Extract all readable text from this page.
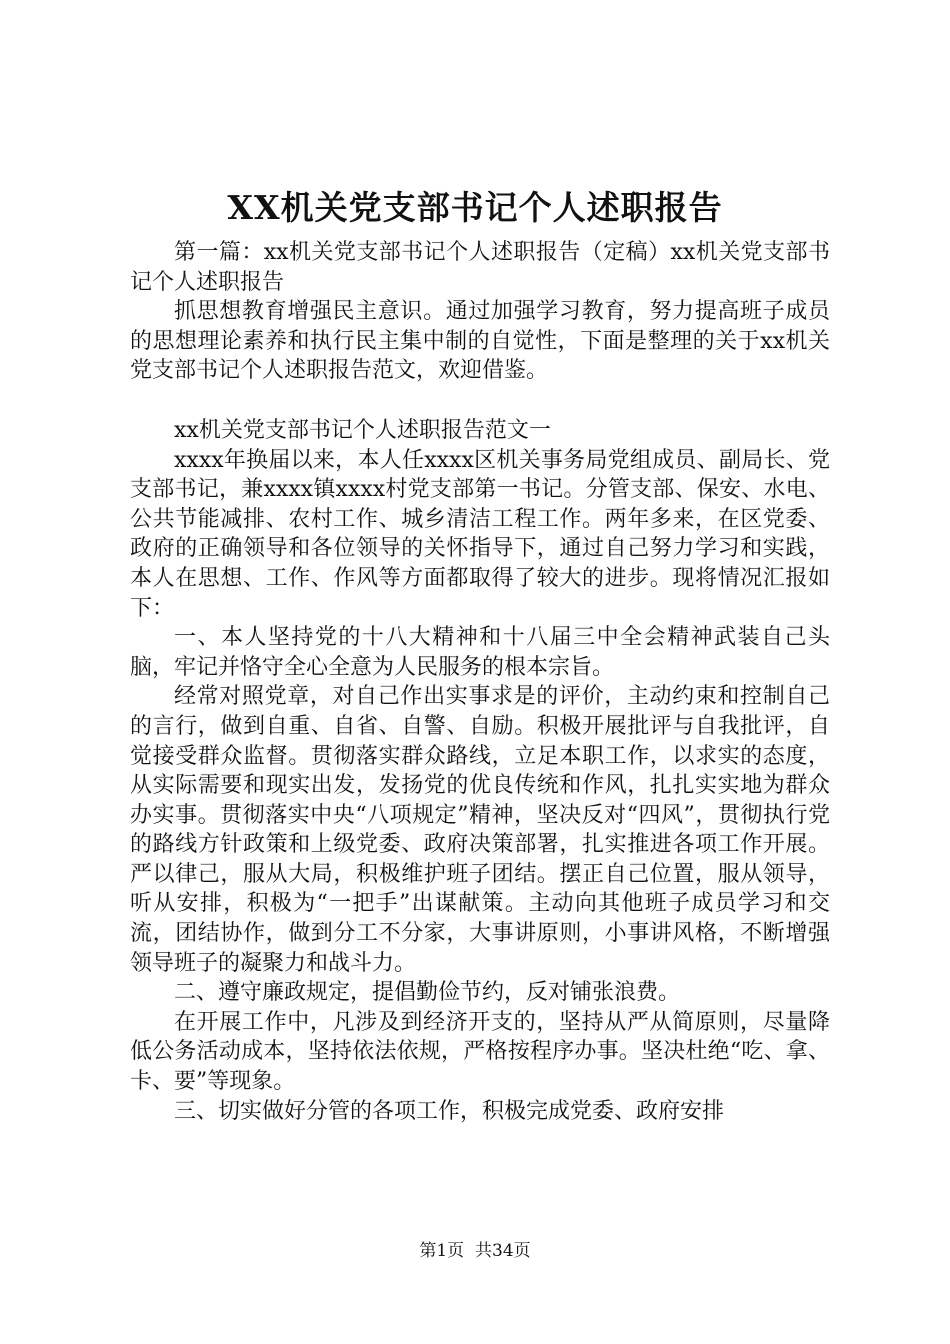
XX机关党支部书记个人述职报告

第一篇：xx机关党支部书记个人述职报告（定稿）xx机关党支部书记个人述职报告

抓思想教育增强民主意识。通过加强学习教育，努力提高班子成员的思想理论素养和执行民主集中制的自觉性，下面是整理的关于xx机关党支部书记个人述职报告范文，欢迎借鉴。

xx机关党支部书记个人述职报告范文一

xxxx年换届以来，本人任xxxx区机关事务局党组成员、副局长、党支部书记，兼xxxx镇xxxx村党支部第一书记。分管支部、保安、水电、公共节能减排、农村工作、城乡清洁工程工作。两年多来，在区党委、政府的正确领导和各位领导的关怀指导下，通过自己努力学习和实践，本人在思想、工作、作风等方面都取得了较大的进步。现将情况汇报如下：

一、本人坚持党的十八大精神和十八届三中全会精神武装自己头脑，牢记并恪守全心全意为人民服务的根本宗旨。

经常对照党章，对自己作出实事求是的评价，主动约束和控制自己的言行，做到自重、自省、自警、自励。积极开展批评与自我批评，自觉接受群众监督。贯彻落实群众路线，立足本职工作，以求实的态度，从实际需要和现实出发，发扬党的优良传统和作风，扎扎实实地为群众办实事。贯彻落实中央“八项规定”精神，坚决反对“四风”，贯彻执行党的路线方针政策和上级党委、政府决策部署，扎实推进各项工作开展。严以律己，服从大局，积极维护班子团结。摆正自己位置，服从领导，听从安排，积极为“一把手”出谋献策。主动向其他班子成员学习和交流，团结协作，做到分工不分家，大事讲原则，小事讲风格，不断增强领导班子的凝聚力和战斗力。

二、遵守廉政规定，提倡勤俭节约，反对铺张浪费。

在开展工作中，凡涉及到经济开支的，坚持从严从简原则，尽量降低公务活动成本，坚持依法依规，严格按程序办事。坚决杜绝“吃、拿、卡、要”等现象。

三、切实做好分管的各项工作，积极完成党委、政府安排

第1页 共34页
